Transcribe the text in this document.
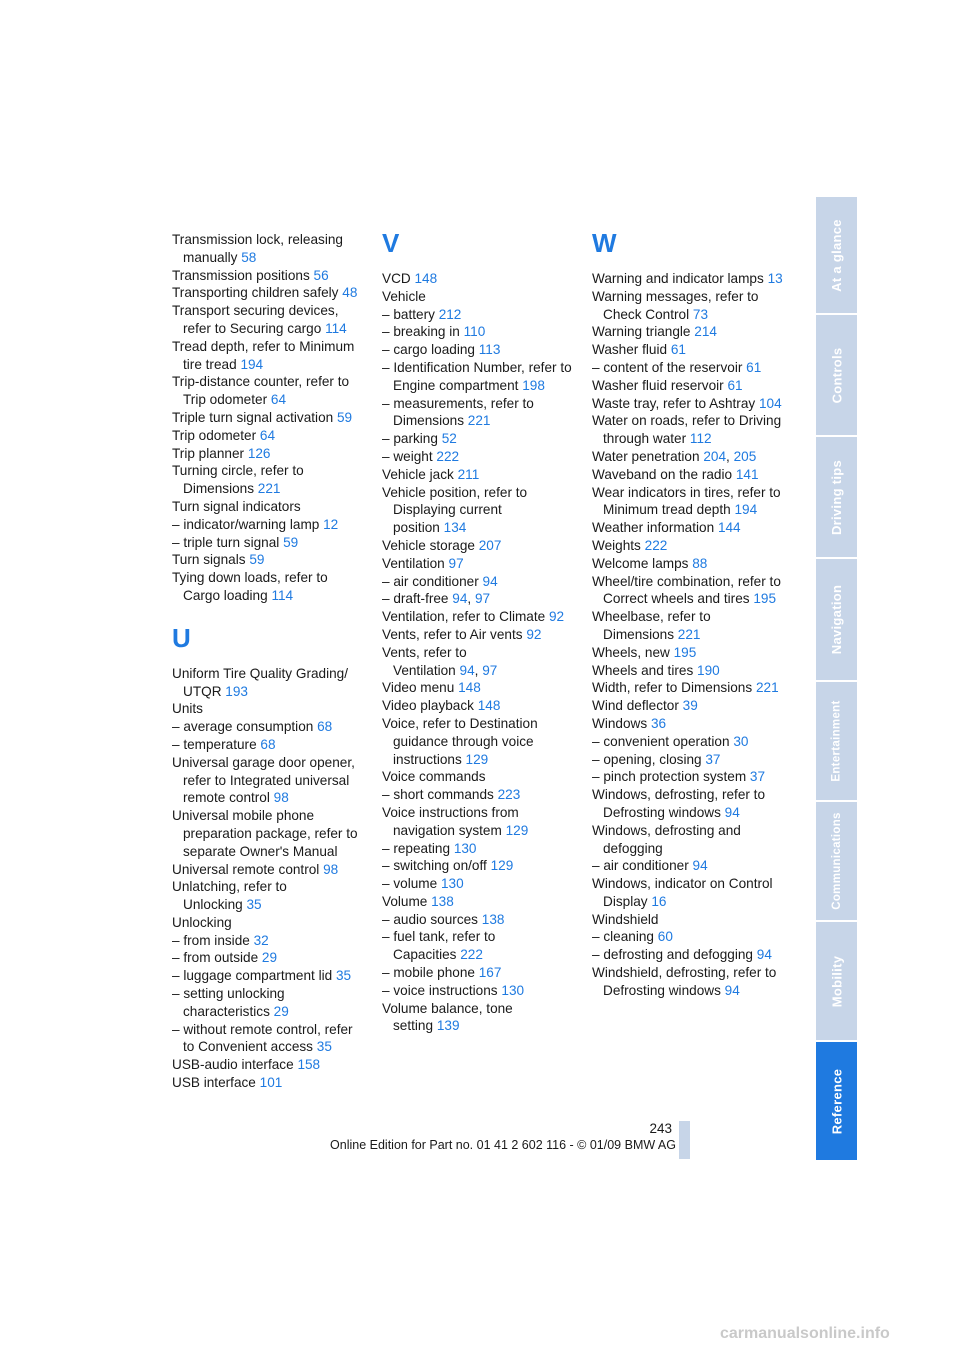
Transmission lock, releasing manually 58
Transmission positions 56
Transporting children safely 48
Transport securing devices, refer to Securing cargo 114
Tread depth, refer to Minimum tire tread 194
Trip-distance counter, refer to Trip odometer 64
Triple turn signal activation 59
Trip odometer 64
Trip planner 126
Turning circle, refer to Dimensions 221
Turn signal indicators
– indicator/warning lamp 12
– triple turn signal 59
Turn signals 59
Tying down loads, refer to Cargo loading 114
U
Uniform Tire Quality Grading/ UTQR 193
Units
– average consumption 68
– temperature 68
Universal garage door opener, refer to Integrated universal remote control 98
Universal mobile phone preparation package, refer to separate Owner's Manual
Universal remote control 98
Unlatching, refer to Unlocking 35
Unlocking
– from inside 32
– from outside 29
– luggage compartment lid 35
– setting unlocking characteristics 29
– without remote control, refer to Convenient access 35
USB-audio interface 158
USB interface 101
V
VCD 148
Vehicle
– battery 212
– breaking in 110
– cargo loading 113
– Identification Number, refer to Engine compartment 198
– measurements, refer to Dimensions 221
– parking 52
– weight 222
Vehicle jack 211
Vehicle position, refer to Displaying current position 134
Vehicle storage 207
Ventilation 97
– air conditioner 94
– draft-free 94, 97
Ventilation, refer to Climate 92
Vents, refer to Air vents 92
Vents, refer to Ventilation 94, 97
Video menu 148
Video playback 148
Voice, refer to Destination guidance through voice instructions 129
Voice commands
– short commands 223
Voice instructions from navigation system 129
– repeating 130
– switching on/off 129
– volume 130
Volume 138
– audio sources 138
– fuel tank, refer to Capacities 222
– mobile phone 167
– voice instructions 130
Volume balance, tone setting 139
W
Warning and indicator lamps 13
Warning messages, refer to Check Control 73
Warning triangle 214
Washer fluid 61
– content of the reservoir 61
Washer fluid reservoir 61
Waste tray, refer to Ashtray 104
Water on roads, refer to Driving through water 112
Water penetration 204, 205
Waveband on the radio 141
Wear indicators in tires, refer to Minimum tread depth 194
Weather information 144
Weights 222
Welcome lamps 88
Wheel/tire combination, refer to Correct wheels and tires 195
Wheelbase, refer to Dimensions 221
Wheels, new 195
Wheels and tires 190
Width, refer to Dimensions 221
Wind deflector 39
Windows 36
– convenient operation 30
– opening, closing 37
– pinch protection system 37
Windows, defrosting, refer to Defrosting windows 94
Windows, defrosting and defogging
– air conditioner 94
Windows, indicator on Control Display 16
Windshield
– cleaning 60
– defrosting and defogging 94
Windshield, defrosting, refer to Defrosting windows 94
At a glance
Controls
Driving tips
Navigation
Entertainment
Communications
Mobility
Reference
243
Online Edition for Part no. 01 41 2 602 116 - © 01/09 BMW AG
carmanualsonline.info
